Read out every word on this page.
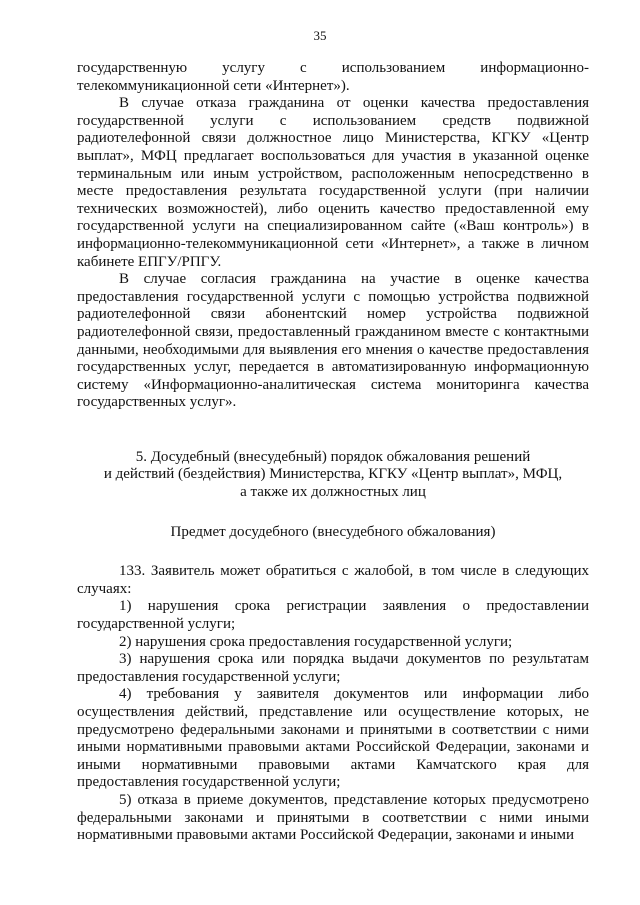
35

государственную услугу с использованием информационно-телекоммуникационной сети «Интернет»).

В случае отказа гражданина от оценки качества предоставления государственной услуги с использованием средств подвижной радиотелефонной связи должностное лицо Министерства, КГКУ «Центр выплат», МФЦ предлагает воспользоваться для участия в указанной оценке терминальным или иным устройством, расположенным непосредственно в месте предоставления результата государственной услуги (при наличии технических возможностей), либо оценить качество предоставленной ему государственной услуги на специализированном сайте («Ваш контроль») в информационно-телекоммуникационной сети «Интернет», а также в личном кабинете ЕПГУ/РПГУ.

В случае согласия гражданина на участие в оценке качества предоставления государственной услуги с помощью устройства подвижной радиотелефонной связи абонентский номер устройства подвижной радиотелефонной связи, предоставленный гражданином вместе с контактными данными, необходимыми для выявления его мнения о качестве предоставления государственных услуг, передается в автоматизированную информационную систему «Информационно-аналитическая система мониторинга качества государственных услуг».

5. Досудебный (внесудебный) порядок обжалования решений

и действий (бездействия) Министерства, КГКУ «Центр выплат», МФЦ,

а также их должностных лиц

Предмет досудебного (внесудебного обжалования)

133. Заявитель может обратиться с жалобой, в том числе в следующих случаях:

1) нарушения срока регистрации заявления о предоставлении государственной услуги;

2) нарушения срока предоставления государственной услуги;

3) нарушения срока или порядка выдачи документов по результатам предоставления государственной услуги;

4) требования у заявителя документов или информации либо осуществления действий, представление или осуществление которых, не предусмотрено федеральными законами и принятыми в соответствии с ними иными нормативными правовыми актами Российской Федерации, законами и иными нормативными правовыми актами Камчатского края для предоставления государственной услуги;

5) отказа в приеме документов, представление которых предусмотрено федеральными законами и принятыми в соответствии с ними иными нормативными правовыми актами Российской Федерации, законами и иными
